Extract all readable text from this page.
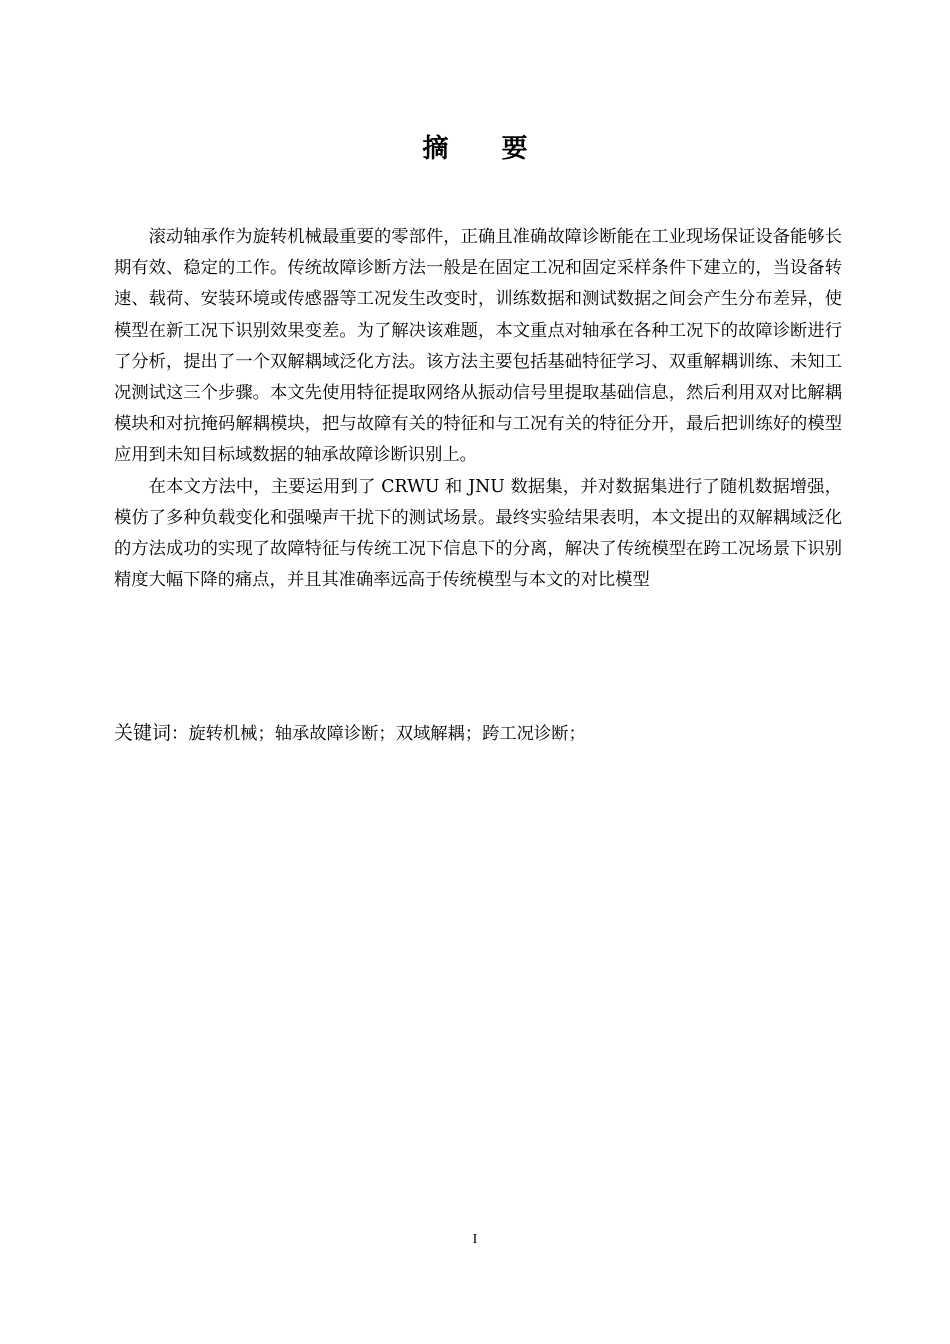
摘 要

滚动轴承作为旋转机械最重要的零部件，正确且准确故障诊断能在工业现场保证设备能够长期有效、稳定的工作。传统故障诊断方法一般是在固定工况和固定采样条件下建立的，当设备转速、载荷、安装环境或传感器等工况发生改变时，训练数据和测试数据之间会产生分布差异，使模型在新工况下识别效果变差。为了解决该难题，本文重点对轴承在各种工况下的故障诊断进行了分析，提出了一个双解耦域泛化方法。该方法主要包括基础特征学习、双重解耦训练、未知工况测试这三个步骤。本文先使用特征提取网络从振动信号里提取基础信息，然后利用双对比解耦模块和对抗掩码解耦模块，把与故障有关的特征和与工况有关的特征分开，最后把训练好的模型应用到未知目标域数据的轴承故障诊断识别上。

在本文方法中，主要运用到了 CRWU 和 JNU 数据集，并对数据集进行了随机数据增强，模仿了多种负载变化和强噪声干扰下的测试场景。最终实验结果表明，本文提出的双解耦域泛化的方法成功的实现了故障特征与传统工况下信息下的分离，解决了传统模型在跨工况场景下识别精度大幅下降的痛点，并且其准确率远高于传统模型与本文的对比模型

关键词：旋转机械；轴承故障诊断；双域解耦；跨工况诊断；
I
